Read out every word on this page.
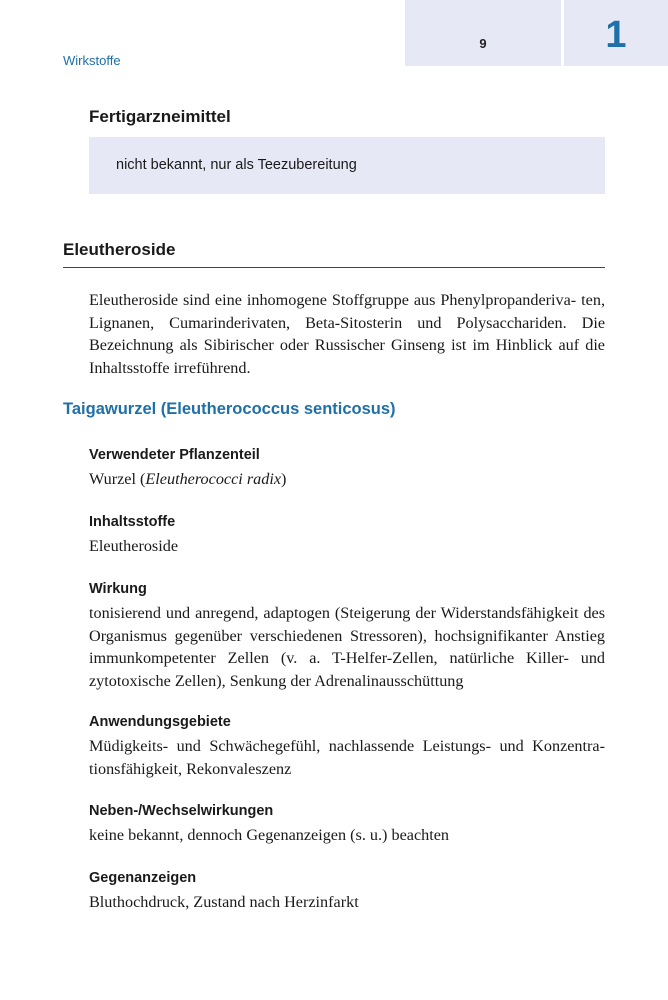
9	1
Wirkstoffe
Fertigarzneimittel
nicht bekannt, nur als Teezubereitung
Eleutheroside
Eleutheroside sind eine inhomogene Stoffgruppe aus Phenylpropanderiva- ten, Lignanen, Cumarinderivaten, Beta-Sitosterin und Polysacchariden. Die Bezeichnung als Sibirischer oder Russischer Ginseng ist im Hinblick auf die Inhaltsstoffe irreführend.
Taigawurzel (Eleutherococcus senticosus)
Verwendeter Pflanzenteil
Wurzel (Eleutherococci radix)
Inhaltsstoffe
Eleutheroside
Wirkung
tonisierend und anregend, adaptogen (Steigerung der Widerstandsfähigkeit des Organismus gegenüber verschiedenen Stressoren), hochsignifikanter Anstieg immunkompetenter Zellen (v. a. T-Helfer-Zellen, natürliche Killer- und zytotoxische Zellen), Senkung der Adrenalinausschüttung
Anwendungsgebiete
Müdigkeits- und Schwächegefühl, nachlassende Leistungs- und Konzentra- tionsfähigkeit, Rekonvaleszenz
Neben-/Wechselwirkungen
keine bekannt, dennoch Gegenanzeigen (s. u.) beachten
Gegenanzeigen
Bluthochdruck, Zustand nach Herzinfarkt
